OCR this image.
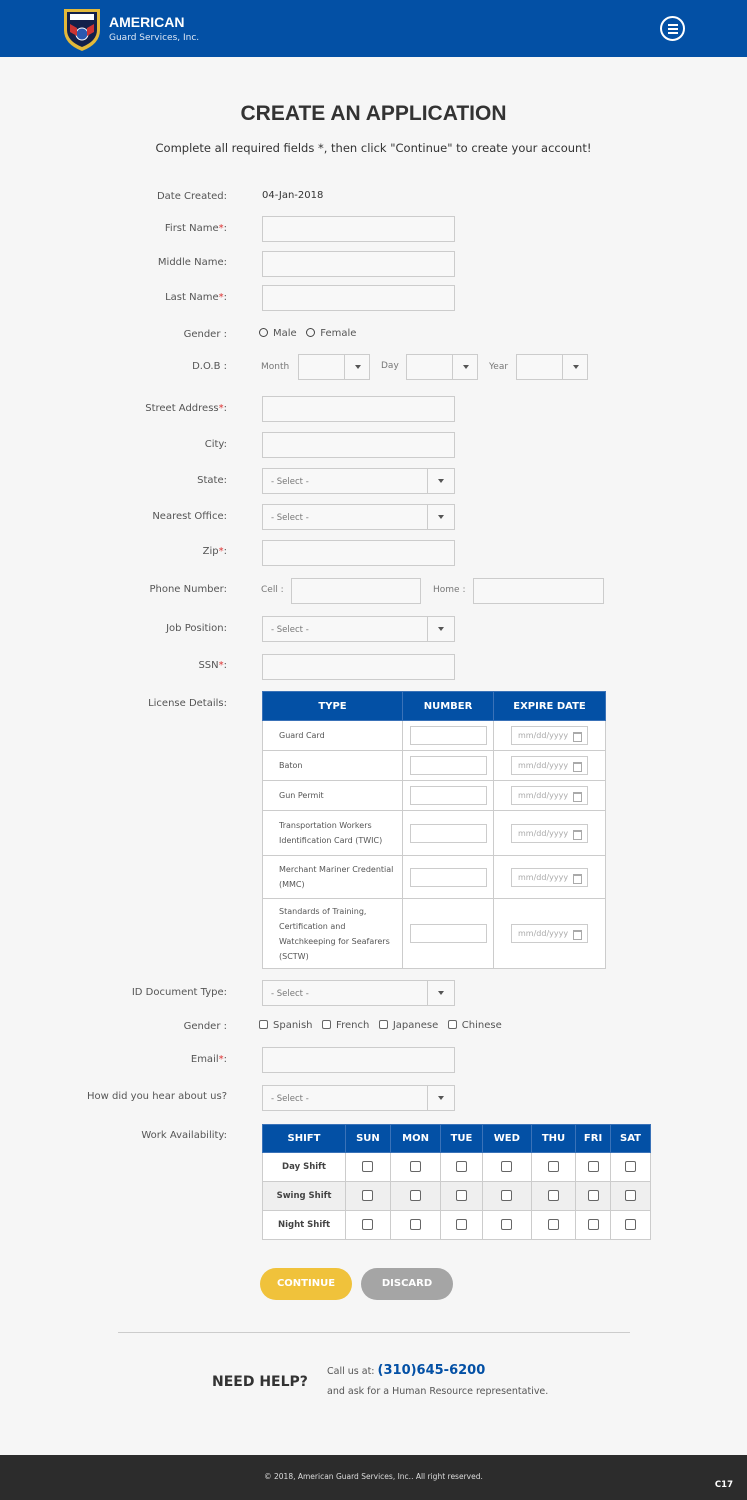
AMERICAN
Guard Services, Inc.
CREATE AN APPLICATION
Complete all required fields *, then click "Continue" to create your account!
Date Created:	04-Jan-2018
First Name*:
Middle Name:
Last Name*:
Gender :	Male Female
D.O.B :	Month	Day	Year
Street Address*:
City:
State:	- Select -
Nearest Office:	- Select -
Zip*:
Phone Number:	Cell :	Home :
Job Position:	- Select -
SSN*:
License Details:	TYPE	NUMBER	EXPIRE DATE
Guard Card		mm/dd/yyyy

Baton		mm/dd/yyyy

Gun Permit		mm/dd/yyyy

Transportation Workers Identification Card (TWIC)		mm/dd/yyyy

Merchant Mariner Credential (MMC)		mm/dd/yyyy

Standards of Training, Certification and Watchkeeping for Seafarers (SCTW)		mm/dd/yyyy
ID Document Type:	- Select -
Gender :	Spanish French Japanese Chinese
Email*:
How did you hear about us?	- Select -
Work Availability:	SHIFT	SUN	MON	TUE	WED	THU	FRI	SAT
Day Shift							
Swing Shift							
Night Shift							
CONTINUE	DISCARD
NEED HELP?
Call us at: (310)645-6200
and ask for a Human Resource representative.
© 2018, American Guard Services, Inc.. All right reserved.
C17
